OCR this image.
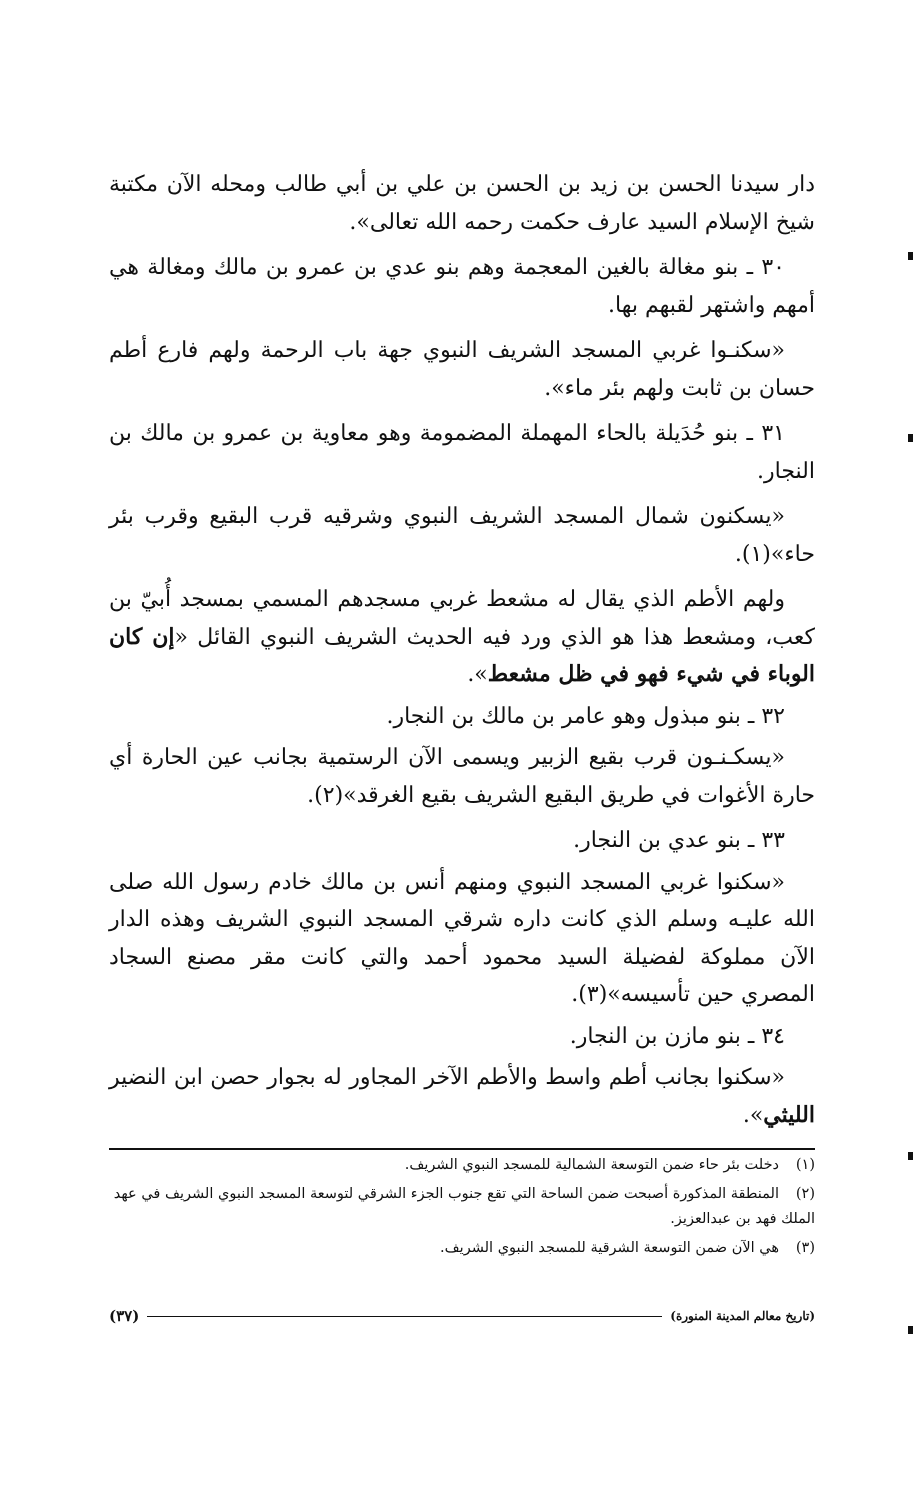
دار سيدنا الحسن بن زيد بن الحسن بن علي بن أبي طالب ومحله الآن مكتبة شيخ الإسلام السيد عارف حكمت رحمه الله تعالى».

٣٠ ـ بنو مغالة بالغين المعجمة وهم بنو عدي بن عمرو بن مالك ومغالة هي أمهم واشتهر لقبهم بها.

«سكنـوا غربي المسجد الشريف النبوي جهة باب الرحمة ولهم فارع أطم حسان بن ثابت ولهم بئر ماء».

٣١ ـ بنو حُدَيلة بالحاء المهملة المضمومة وهو معاوية بن عمرو بن مالك بن النجار.

«يسكنون شمال المسجد الشريف النبوي وشرقيه قرب البقيع وقرب بئر حاء»(١).

ولهم الأطم الذي يقال له مشعط غربي مسجدهم المسمي بمسجد أُبيّ بن كعب، ومشعط هذا هو الذي ورد فيه الحديث الشريف النبوي القائل «إن كان الوباء في شيء فهو في ظل مشعط».

٣٢ ـ بنو مبذول وهو عامر بن مالك بن النجار.

«يسكـنـون قرب بقيع الزبير ويسمى الآن الرستمية بجانب عين الحارة أي حارة الأغوات في طريق البقيع الشريف بقيع الغرقد»(٢).

٣٣ ـ بنو عدي بن النجار.

«سكنوا غربي المسجد النبوي ومنهم أنس بن مالك خادم رسول الله صلى الله عليـه وسلم الذي كانت داره شرقي المسجد النبوي الشريف وهذه الدار الآن مملوكة لفضيلة السيد محمود أحمد والتي كانت مقر مصنع السجاد المصري حين تأسيسه»(٣).

٣٤ ـ بنو مازن بن النجار.

«سكنوا بجانب أطم واسط والأطم الآخر المجاور له بجوار حصن ابن النضير الليثي».

(١)دخلت بئر حاء ضمن التوسعة الشمالية للمسجد النبوي الشريف.
(٢)المنطقة المذكورة أصبحت ضمن الساحة التي تقع جنوب الجزء الشرقي لتوسعة المسجد النبوي الشريف في عهد الملك فهد بن عبدالعزيز.
(٣)هي الآن ضمن التوسعة الشرقية للمسجد النبوي الشريف.
(تاريخ معالم المدينة المنورة)
(٣٧)
